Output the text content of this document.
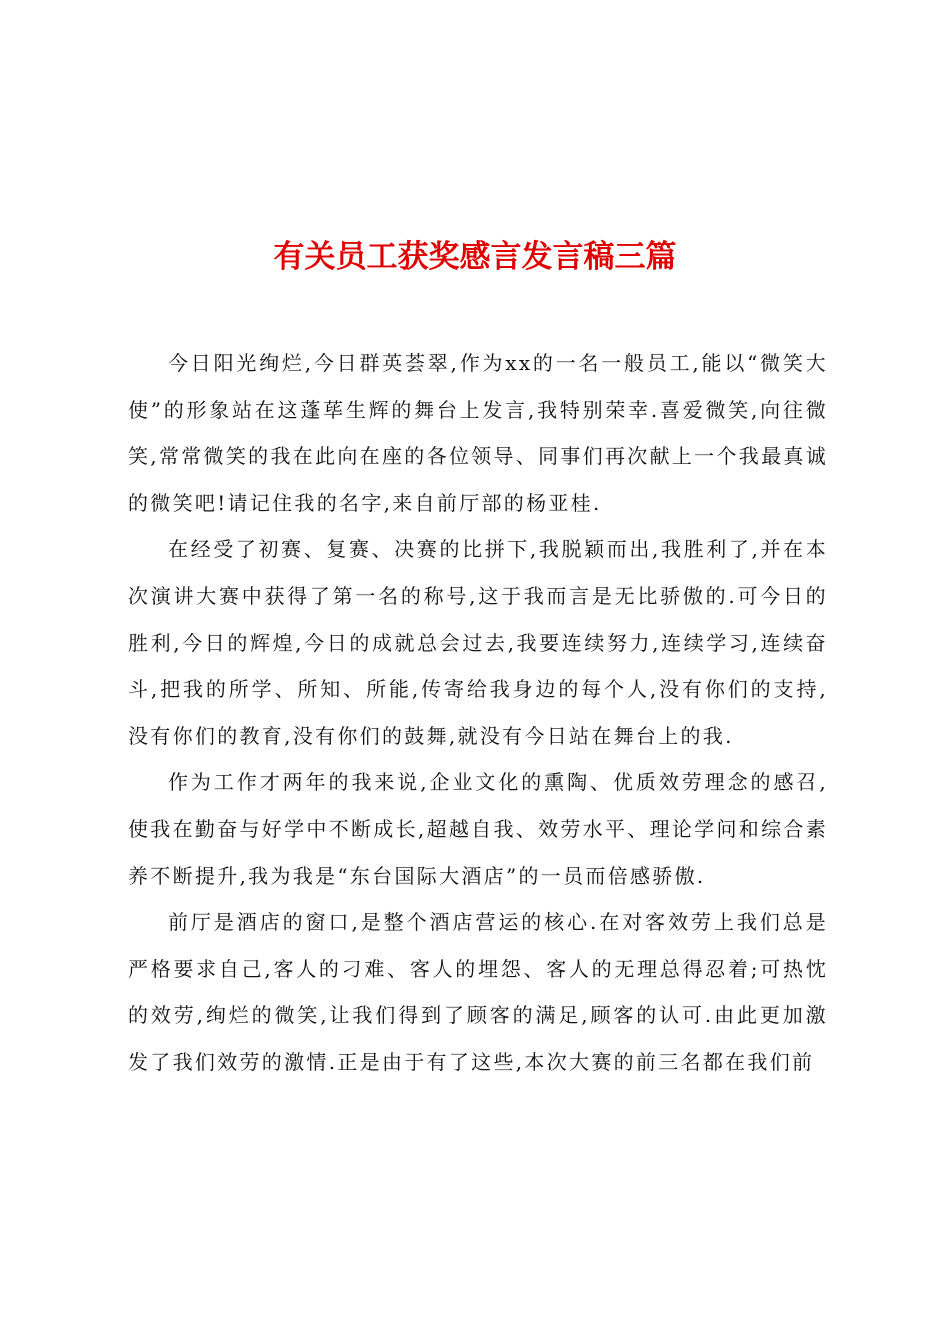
有关员工获奖感言发言稿三篇

今日阳光绚烂,今日群英荟翠,作为xx的一名一般员工,能以“微笑大使”的形象站在这蓬荜生辉的舞台上发言,我特别荣幸.喜爱微笑,向往微笑,常常微笑的我在此向在座的各位领导、同事们再次献上一个我最真诚的微笑吧!请记住我的名字,来自前厅部的杨亚桂.

在经受了初赛、复赛、决赛的比拼下,我脱颖而出,我胜利了,并在本次演讲大赛中获得了第一名的称号,这于我而言是无比骄傲的.可今日的胜利,今日的辉煌,今日的成就总会过去,我要连续努力,连续学习,连续奋斗,把我的所学、所知、所能,传寄给我身边的每个人,没有你们的支持,没有你们的教育,没有你们的鼓舞,就没有今日站在舞台上的我.

作为工作才两年的我来说,企业文化的熏陶、优质效劳理念的感召,使我在勤奋与好学中不断成长,超越自我、效劳水平、理论学问和综合素养不断提升,我为我是“东台国际大酒店”的一员而倍感骄傲.

前厅是酒店的窗口,是整个酒店营运的核心.在对客效劳上我们总是严格要求自己,客人的刁难、客人的埋怨、客人的无理总得忍着;可热忱的效劳,绚烂的微笑,让我们得到了顾客的满足,顾客的认可.由此更加激发了我们效劳的激情.正是由于有了这些,本次大赛的前三名都在我们前
